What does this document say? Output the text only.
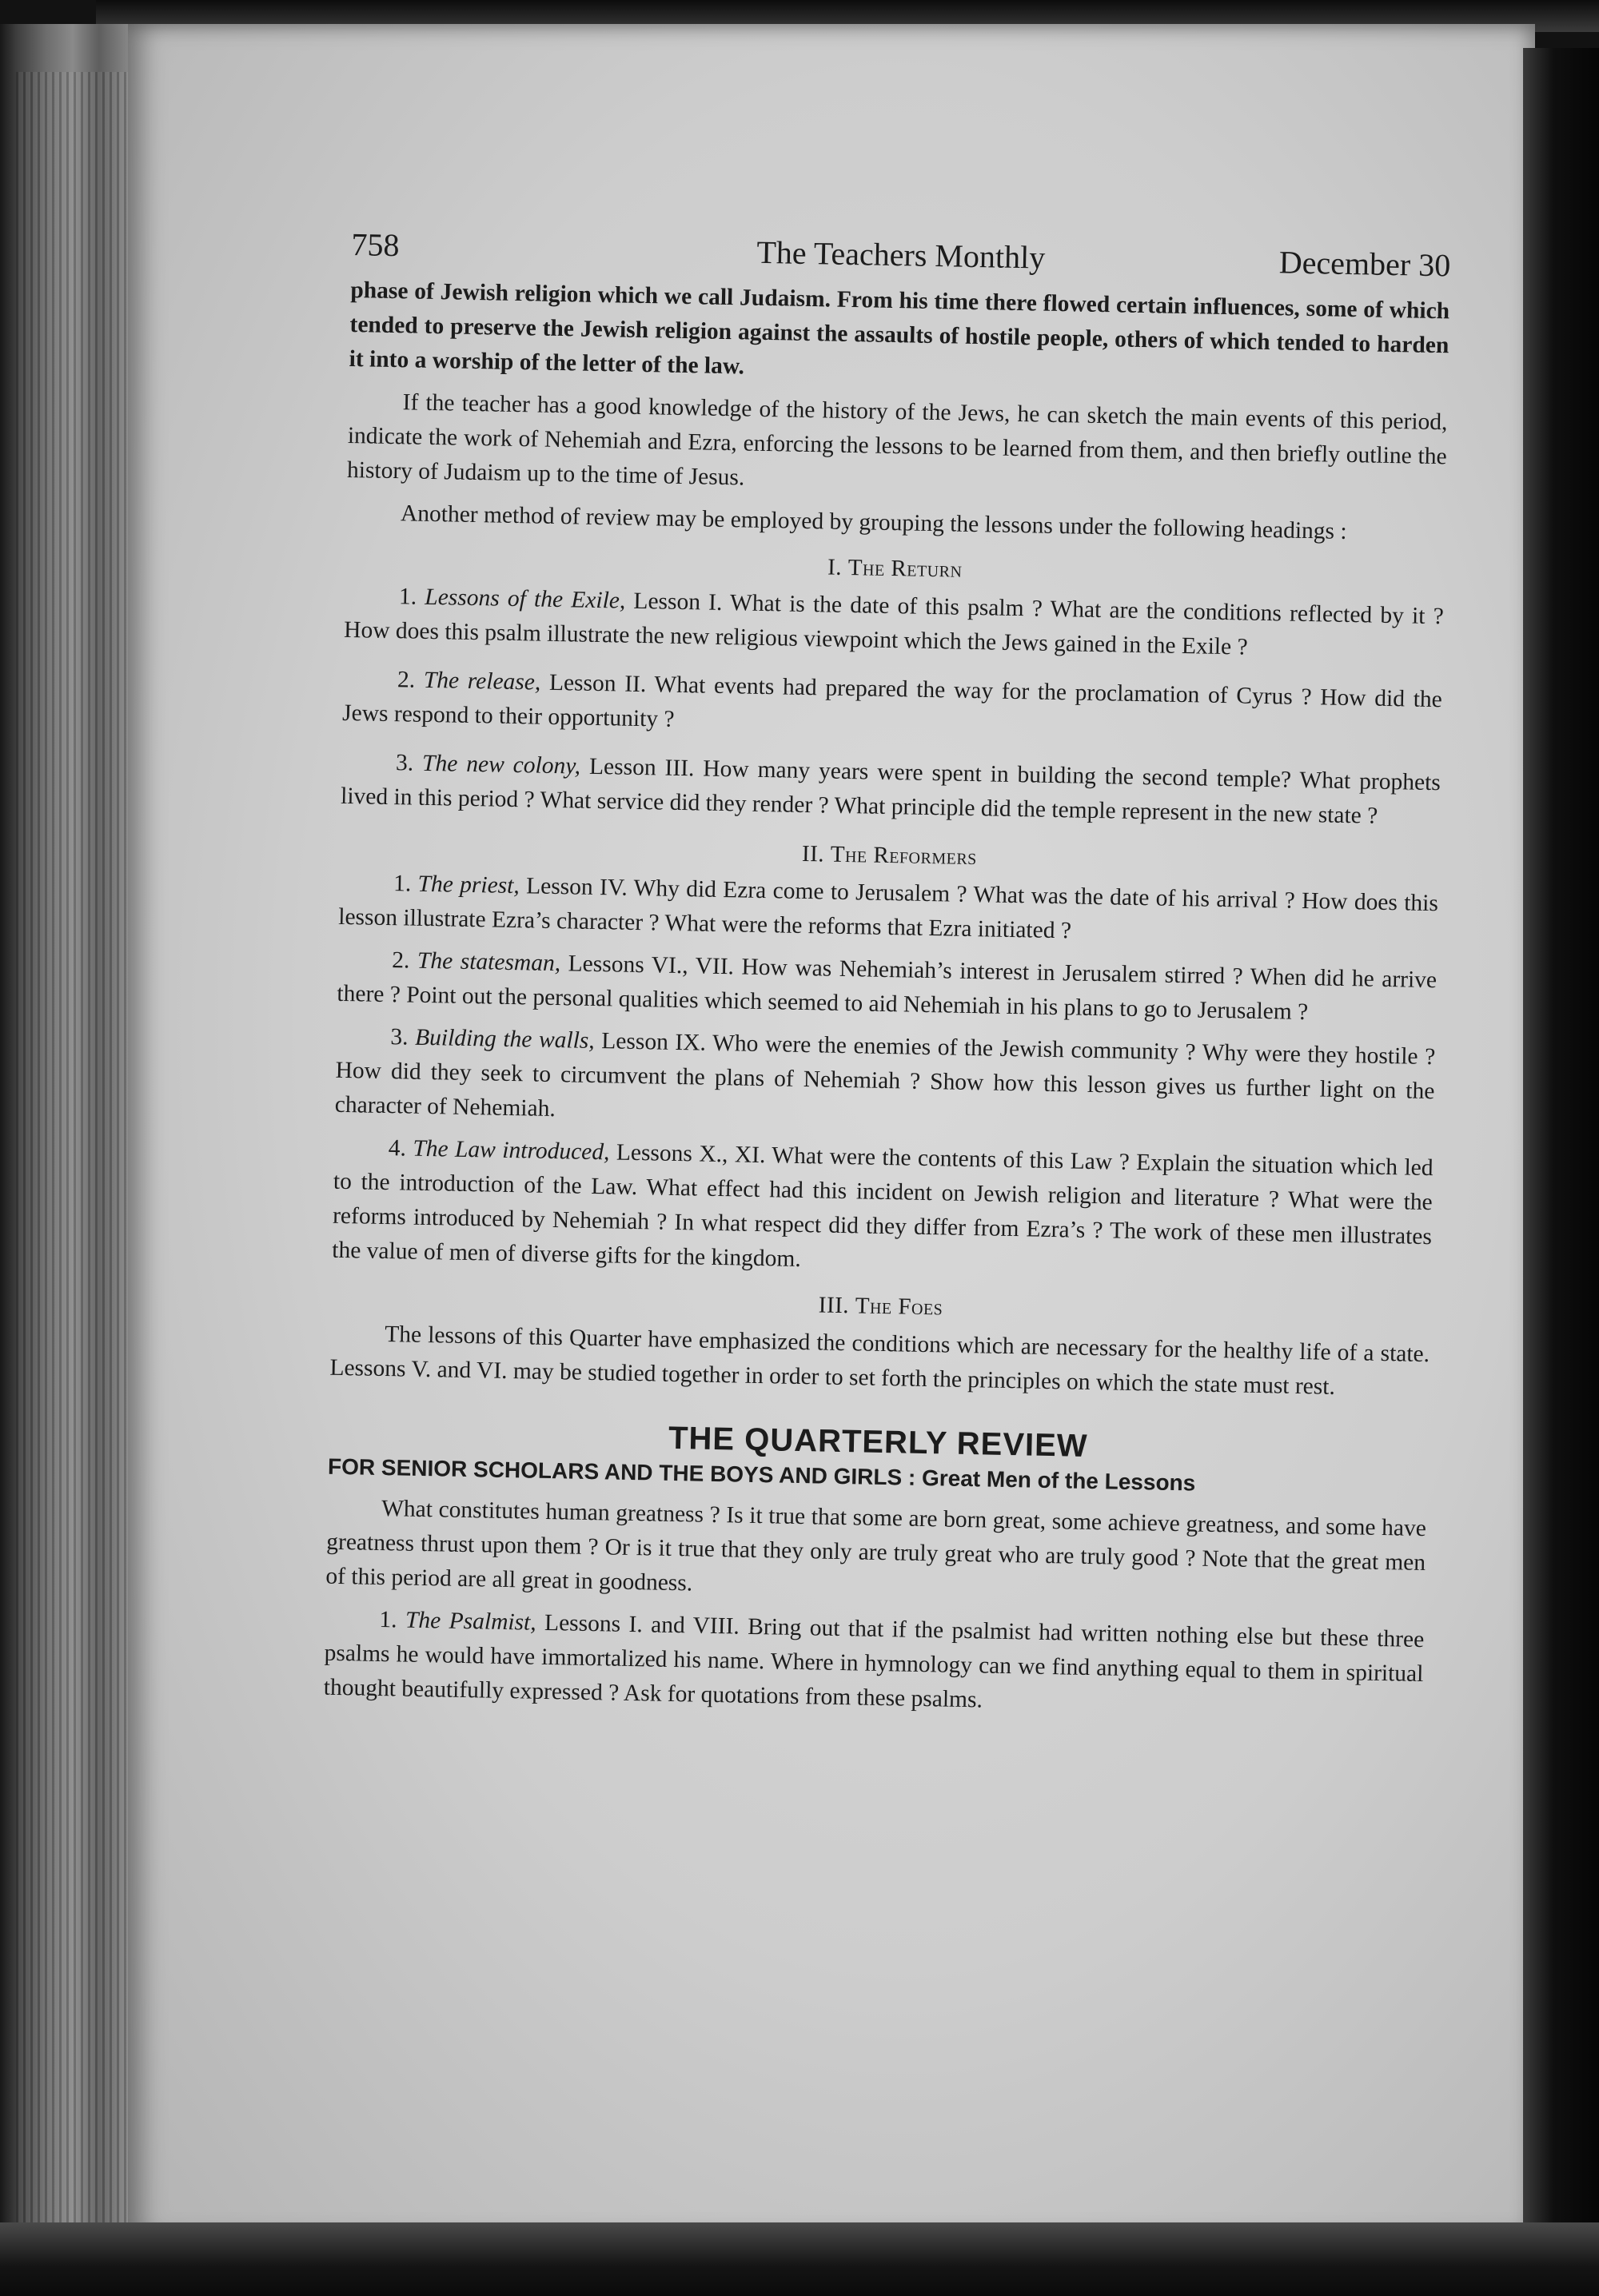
758	The Teachers Monthly	December 30

phase of Jewish religion which we call Judaism. From his time there flowed certain influences, some of which tended to preserve the Jewish religion against the assaults of hostile people, others of which tended to harden it into a worship of the letter of the law.

If the teacher has a good knowledge of the history of the Jews, he can sketch the main events of this period, indicate the work of Nehemiah and Ezra, enforcing the lessons to be learned from them, and then briefly outline the history of Judaism up to the time of Jesus.

Another method of review may be employed by grouping the lessons under the following headings :

I. The Return

1. Lessons of the Exile, Lesson I. What is the date of this psalm ? What are the conditions reflected by it ? How does this psalm illustrate the new religious viewpoint which the Jews gained in the Exile ?

2. The release, Lesson II. What events had prepared the way for the proclamation of Cyrus ? How did the Jews respond to their opportunity ?

3. The new colony, Lesson III. How many years were spent in building the second temple? What prophets lived in this period ? What service did they render ? What principle did the temple represent in the new state ?

II. The Reformers

1. The priest, Lesson IV. Why did Ezra come to Jerusalem ? What was the date of his arrival ? How does this lesson illustrate Ezra’s character ? What were the reforms that Ezra initiated ?

2. The statesman, Lessons VI., VII. How was Nehemiah’s interest in Jerusalem stirred ? When did he arrive there ? Point out the personal qualities which seemed to aid Nehemiah in his plans to go to Jerusalem ?

3. Building the walls, Lesson IX. Who were the enemies of the Jewish community ? Why were they hostile ? How did they seek to circumvent the plans of Nehemiah ? Show how this lesson gives us further light on the character of Nehemiah.

4. The Law introduced, Lessons X., XI. What were the contents of this Law ? Explain the situation which led to the introduction of the Law. What effect had this incident on Jewish religion and literature ? What were the reforms introduced by Nehemiah ? In what respect did they differ from Ezra’s ? The work of these men illustrates the value of men of diverse gifts for the kingdom.

III. The Foes

The lessons of this Quarter have emphasized the conditions which are necessary for the healthy life of a state. Lessons V. and VI. may be studied together in order to set forth the principles on which the state must rest.

THE QUARTERLY REVIEW
FOR SENIOR SCHOLARS AND THE BOYS AND GIRLS : Great Men of the Lessons

What constitutes human greatness ? Is it true that some are born great, some achieve greatness, and some have greatness thrust upon them ? Or is it true that they only are truly great who are truly good ? Note that the great men of this period are all great in goodness.

1. The Psalmist, Lessons I. and VIII. Bring out that if the psalmist had written nothing else but these three psalms he would have immortalized his name. Where in hymnology can we find anything equal to them in spiritual thought beautifully expressed ? Ask for quotations from these psalms.
